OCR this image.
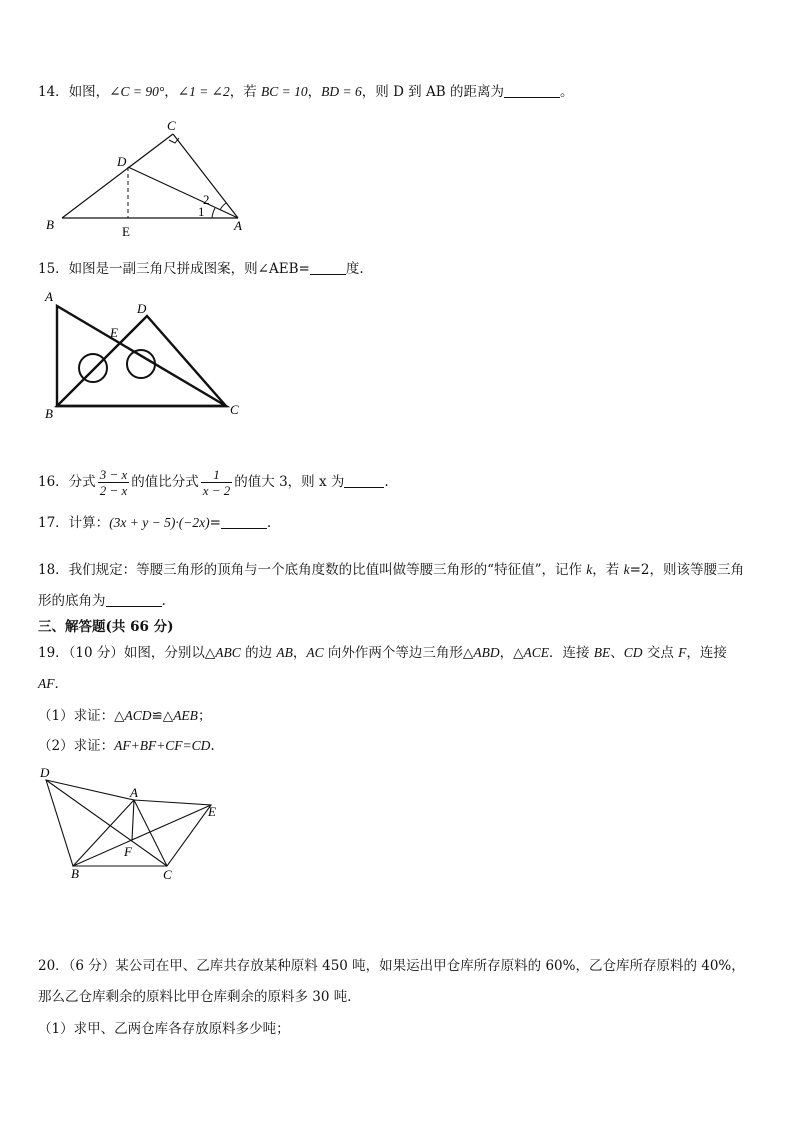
14．如图，∠C = 90°，∠1 = ∠2，若 BC = 10，BD = 6，则 D 到 AB 的距离为	。
C
D
B	E	A
1
2
15．如图是一副三角尺拼成图案，则∠AEB=	度.
A
D
E
B	C
16．分式 $\frac{3 - x}{2 - x}$ 的值比分式 $\frac{1}{x - 2}$ 的值大 3，则 x 为	.
17．计算：(3x + y − 5)·(−2x)=	.
18．我们规定：等腰三角形的顶角与一个底角度数的比值叫做等腰三角形的“特征值”，记作 k，若 k=2，则该等腰三角
形的底角为	.
三、解答题(共 66 分)
19．（10 分）如图，分别以△ABC 的边 AB，AC 向外作两个等边三角形△ABD，△ACE．连接 BE、CD 交点 F，连接
AF．
（1）求证：△ACD≌△AEB；
（2）求证：AF+BF+CF=CD.
D
A
E
F
B	C
20．（6 分）某公司在甲、乙库共存放某种原料 450 吨，如果运出甲仓库所存原料的 60%，乙仓库所存原料的 40%，
那么乙仓库剩余的原料比甲仓库剩余的原料多 30 吨．
（1）求甲、乙两仓库各存放原料多少吨；
